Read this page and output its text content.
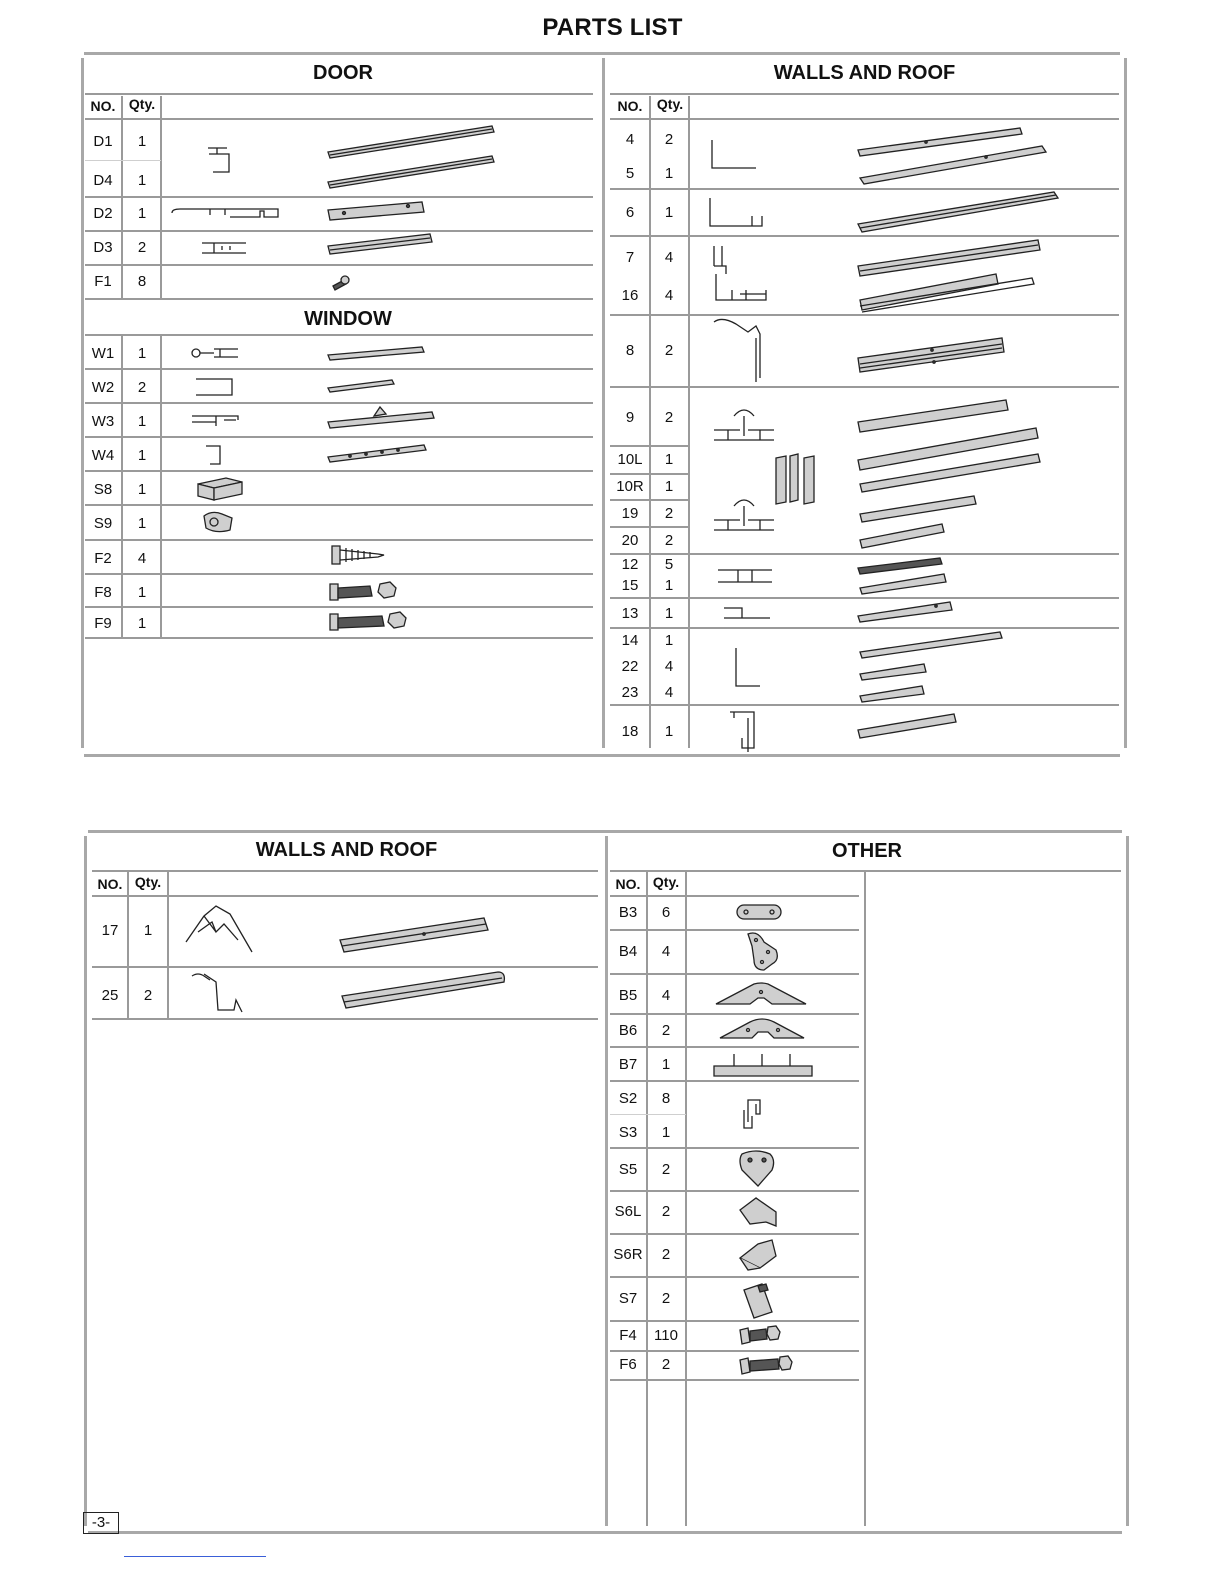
PARTS LIST
DOOR
NO. Qty.
D1	1
D4	1
D2	1
D3	2
F1	8
WINDOW
W1	1
W2	2
W3	1
W4	1
S8	1
S9	1
F2	4
F8	1
F9	1
WALLS AND ROOF
NO.	Qty.
4	2
5	1
6	1
7	4
16	4
8	2
9	2
10L	1
10R	1
19	2
20	2
12	5
15	1
13	1
14	1
22	4
23	4
18	1
WALLS AND ROOF
NO. Qty.
17	1
25	2
OTHER
NO. Qty.
B3	6
B4	4
B5	4
B6	2
B7	1
S2	8
S3	1
S5	2
S6L	2
S6R	2
S7	2
F4	110
F6	2
-3-
